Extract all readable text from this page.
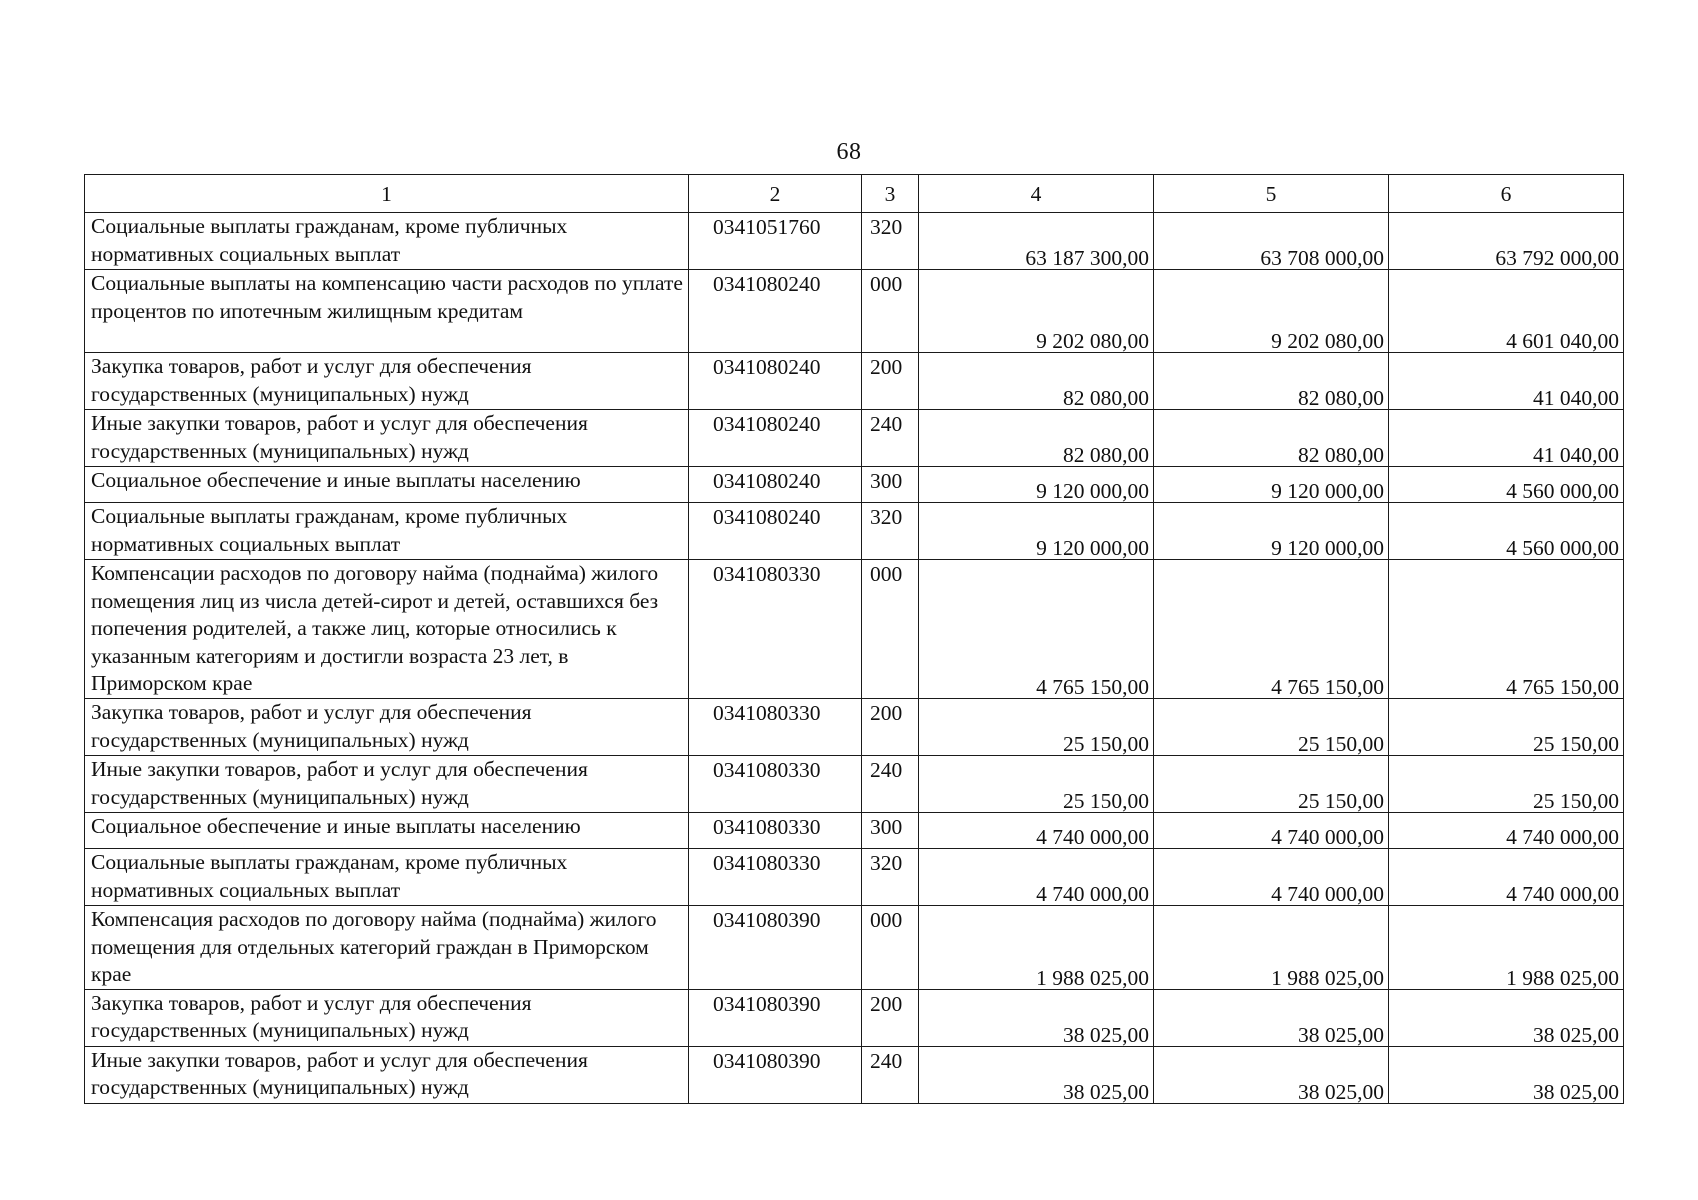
68
1	2	3	4	5	6
Социальные выплаты гражданам, кроме публичных нормативных социальных выплат	0341051760	320	63 187 300,00	63 708 000,00	63 792 000,00
Социальные выплаты на компенсацию части расходов по уплате процентов по ипотечным жилищным кредитам	0341080240	000	9 202 080,00	9 202 080,00	4 601 040,00
Закупка товаров, работ и услуг для обеспечения государственных (муниципальных) нужд	0341080240	200	82 080,00	82 080,00	41 040,00
Иные закупки товаров, работ и услуг для обеспечения государственных (муниципальных) нужд	0341080240	240	82 080,00	82 080,00	41 040,00
Социальное обеспечение и иные выплаты населению	0341080240	300	9 120 000,00	9 120 000,00	4 560 000,00
Социальные выплаты гражданам, кроме публичных нормативных социальных выплат	0341080240	320	9 120 000,00	9 120 000,00	4 560 000,00
Компенсации расходов по договору найма (поднайма) жилого помещения лиц из числа детей-сирот и детей, оставшихся без попечения родителей, а также лиц, которые относились к указанным категориям и достигли возраста 23 лет, в Приморском крае	0341080330	000	4 765 150,00	4 765 150,00	4 765 150,00
Закупка товаров, работ и услуг для обеспечения государственных (муниципальных) нужд	0341080330	200	25 150,00	25 150,00	25 150,00
Иные закупки товаров, работ и услуг для обеспечения государственных (муниципальных) нужд	0341080330	240	25 150,00	25 150,00	25 150,00
Социальное обеспечение и иные выплаты населению	0341080330	300	4 740 000,00	4 740 000,00	4 740 000,00
Социальные выплаты гражданам, кроме публичных нормативных социальных выплат	0341080330	320	4 740 000,00	4 740 000,00	4 740 000,00
Компенсация расходов по договору найма (поднайма) жилого помещения для отдельных категорий граждан в Приморском крае	0341080390	000	1 988 025,00	1 988 025,00	1 988 025,00
Закупка товаров, работ и услуг для обеспечения государственных (муниципальных) нужд	0341080390	200	38 025,00	38 025,00	38 025,00
Иные закупки товаров, работ и услуг для обеспечения государственных (муниципальных) нужд	0341080390	240	38 025,00	38 025,00	38 025,00
